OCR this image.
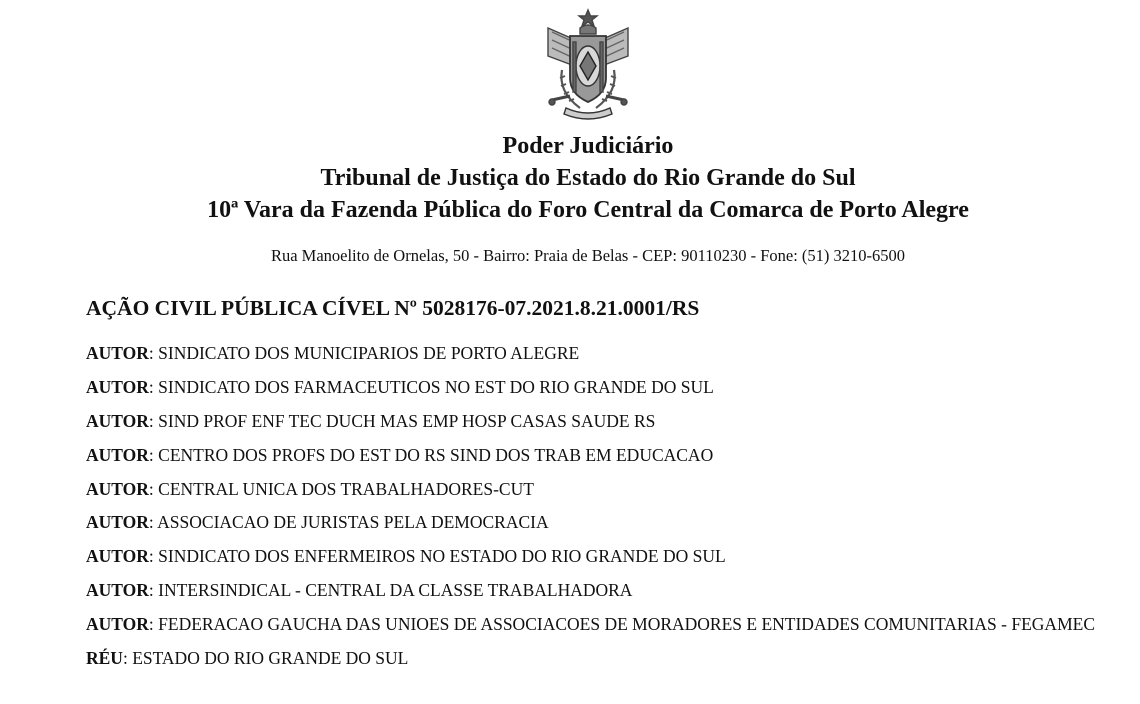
Poder Judiciário
Tribunal de Justiça do Estado do Rio Grande do Sul
10ª Vara da Fazenda Pública do Foro Central da Comarca de Porto Alegre
Rua Manoelito de Ornelas, 50 - Bairro: Praia de Belas - CEP: 90110230 - Fone: (51) 3210-6500
AÇÃO CIVIL PÚBLICA CÍVEL Nº 5028176-07.2021.8.21.0001/RS
AUTOR: SINDICATO DOS MUNICIPARIOS DE PORTO ALEGRE
AUTOR: SINDICATO DOS FARMACEUTICOS NO EST DO RIO GRANDE DO SUL
AUTOR: SIND PROF ENF TEC DUCH MAS EMP HOSP CASAS SAUDE RS
AUTOR: CENTRO DOS PROFS DO EST DO RS SIND DOS TRAB EM EDUCACAO
AUTOR: CENTRAL UNICA DOS TRABALHADORES-CUT
AUTOR: ASSOCIACAO DE JURISTAS PELA DEMOCRACIA
AUTOR: SINDICATO DOS ENFERMEIROS NO ESTADO DO RIO GRANDE DO SUL
AUTOR: INTERSINDICAL - CENTRAL DA CLASSE TRABALHADORA
AUTOR: FEDERACAO GAUCHA DAS UNIOES DE ASSOCIACOES DE MORADORES E ENTIDADES COMUNITARIAS - FEGAMEC
RÉU: ESTADO DO RIO GRANDE DO SUL
